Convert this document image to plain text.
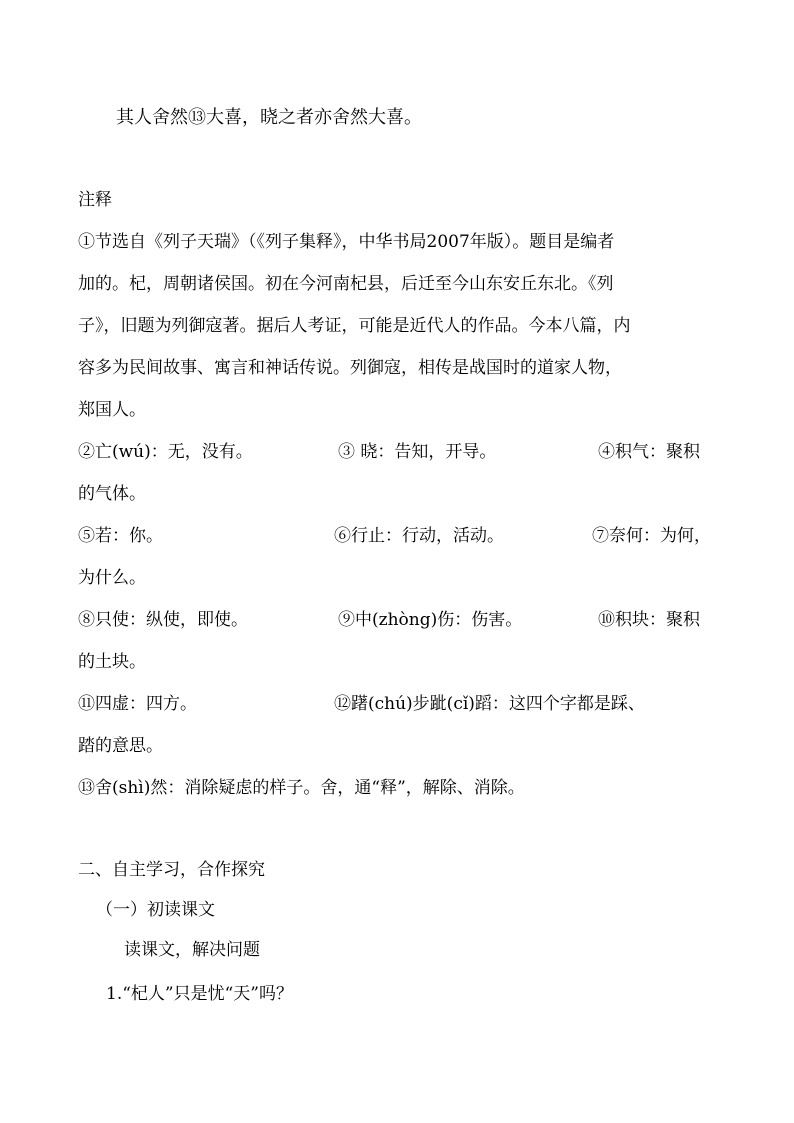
其人舍然⑬大喜，晓之者亦舍然大喜。
注释
①节选自《列子天瑞》（《列子集释》，中华书局2007年版）。题目是编者
加的。杞，周朝诸侯国。初在今河南杞县，后迁至今山东安丘东北。《列
子》，旧题为列御寇著。据后人考证，可能是近代人的作品。今本八篇，内
容多为民间故事、寓言和神话传说。列御寇，相传是战国时的道家人物，
郑国人。
②亡(wú)：无，没有。	③ 晓：告知，开导。	④积气：聚积
的气体。
⑤若：你。	⑥行止：行动，活动。	⑦奈何：为何，
为什么。
⑧只使：纵使，即使。	⑨中(zhòng)伤：伤害。	⑩积块：聚积
的土块。
⑪四虚：四方。	⑫躇(chú)步跐(cǐ)蹈：这四个字都是踩、
踏的意思。
⑬舍(shì)然：消除疑虑的样子。舍，通“释”，解除、消除。
二、自主学习，合作探究
（一）初读课文
读课文，解决问题
1.“杞人”只是忧“天”吗？
